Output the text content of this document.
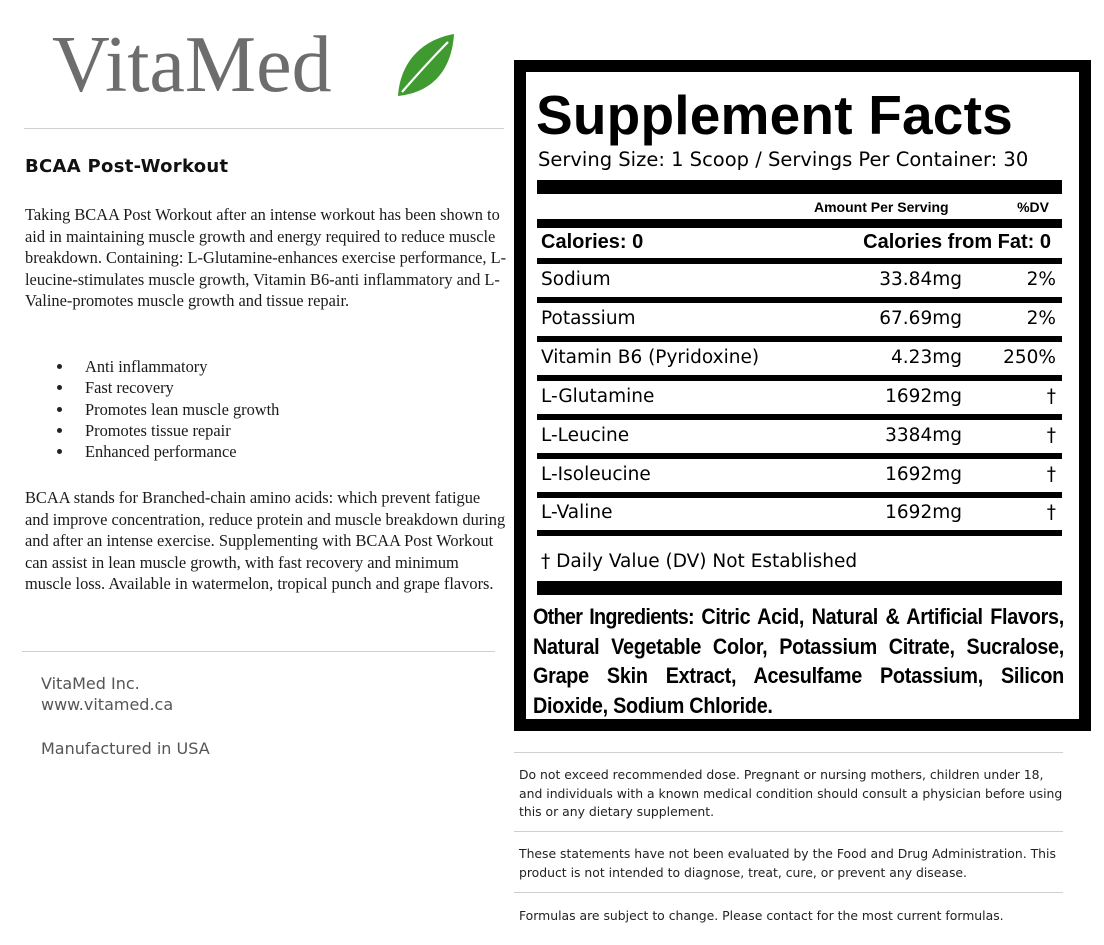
VitaMed
BCAA Post-Workout

Taking BCAA Post Workout after an intense workout has been shown to aid in maintaining muscle growth and energy required to reduce muscle breakdown. Containing: L-Glutamine-enhances exercise performance, L-leucine-stimulates muscle growth, Vitamin B6-anti inflammatory and L-Valine-promotes muscle growth and tissue repair.

Anti inflammatory
Fast recovery
Promotes lean muscle growth
Promotes tissue repair
Enhanced performance

BCAA stands for Branched-chain amino acids: which prevent fatigue and improve concentration, reduce protein and muscle breakdown during and after an intense exercise. Supplementing with BCAA Post Workout can assist in lean muscle growth, with fast recovery and minimum muscle loss. Available in watermelon, tropical punch and grape flavors.

VitaMed Inc.
www.vitamed.ca
Manufactured in USA
Supplement Facts
Serving Size: 1 Scoop / Servings Per Container: 30
Amount Per Serving	%DV
Calories: 0	Calories from Fat: 0
Sodium	33.84mg	2%
Potassium	67.69mg	2%
Vitamin B6 (Pyridoxine)	4.23mg 250%
L-Glutamine	1692mg	†
L-Leucine	3384mg	†
L-Isoleucine	1692mg	†
L-Valine	1692mg	†
† Daily Value (DV) Not Established
Other Ingredients: Citric Acid, Natural & Artificial Flavors, Natural Vegetable Color, Potassium Citrate, Sucralose, Grape Skin Extract, Acesulfame Potassium, Silicon Dioxide, Sodium Chloride.

Do not exceed recommended dose. Pregnant or nursing mothers, children under 18, and individuals with a known medical condition should consult a physician before using this or any dietary supplement.

These statements have not been evaluated by the Food and Drug Administration. This product is not intended to diagnose, treat, cure, or prevent any disease.

Formulas are subject to change. Please contact for the most current formulas.
